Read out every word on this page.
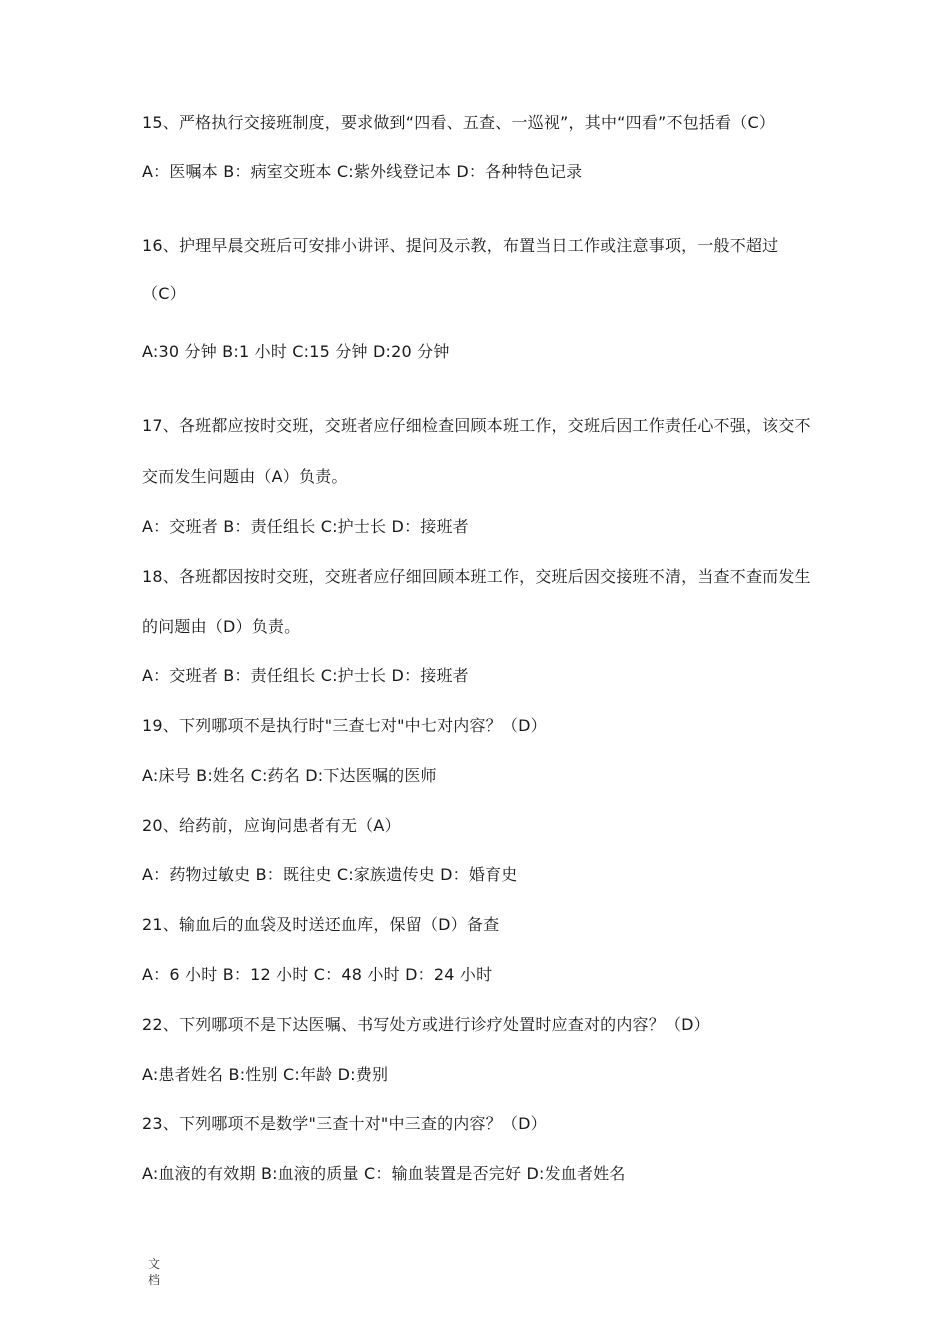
15、严格执行交接班制度，要求做到“四看、五查、一巡视”，其中“四看”不包括看（C）
A：医嘱本 B：病室交班本 C:紫外线登记本 D：各种特色记录
16、护理早晨交班后可安排小讲评、提问及示教，布置当日工作或注意事项，一般不超过
（C）
A:30 分钟 B:1 小时 C:15 分钟 D:20 分钟
17、各班都应按时交班，交班者应仔细检查回顾本班工作，交班后因工作责任心不强，该交不
交而发生问题由（A）负责。
A：交班者 B：责任组长 C:护士长 D：接班者
18、各班都因按时交班，交班者应仔细回顾本班工作，交班后因交接班不清，当查不查而发生
的问题由（D）负责。
A：交班者 B：责任组长 C:护士长 D：接班者
19、下列哪项不是执行时"三查七对"中七对内容？（D）
A:床号 B:姓名 C:药名 D:下达医嘱的医师
20、给药前，应询问患者有无（A）
A：药物过敏史 B：既往史 C:家族遗传史 D：婚育史
21、输血后的血袋及时送还血库，保留（D）备查
A：6 小时 B：12 小时 C：48 小时 D：24 小时
22、下列哪项不是下达医嘱、书写处方或进行诊疗处置时应查对的内容？（D）
A:患者姓名 B:性别 C:年龄 D:费别
23、下列哪项不是数学"三查十对"中三查的内容？（D）
A:血液的有效期 B:血液的质量 C：输血装置是否完好 D:发血者姓名
文
档
